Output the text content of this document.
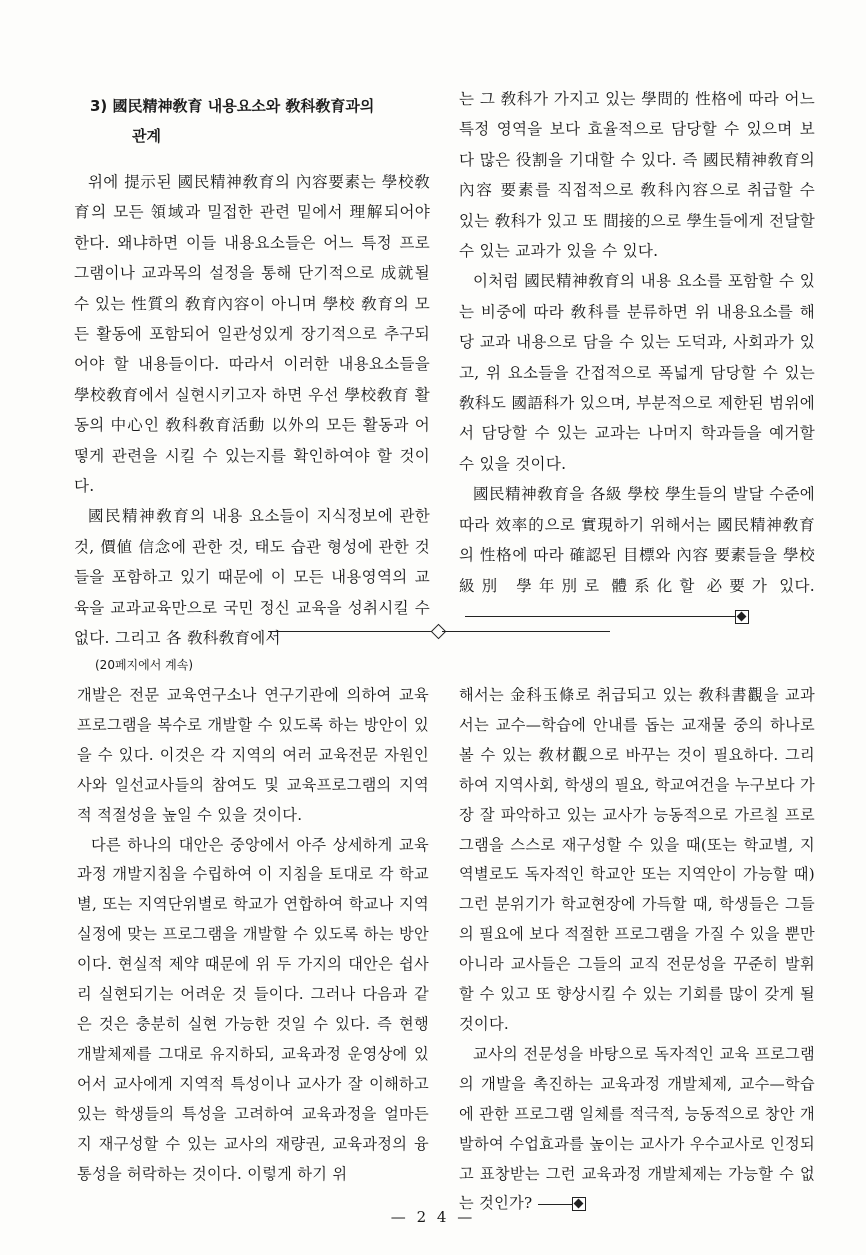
3) 國民精神敎育 내용요소와 敎科敎育과의
관계

위에 提示된 國民精神敎育의 內容要素는 學校敎育의 모든 領域과 밀접한 관련 밑에서 理解되어야 한다. 왜냐하면 이들 내용요소들은 어느 특정 프로그램이나 교과목의 설정을 통해 단기적으로 成就될 수 있는 性質의 敎育內容이 아니며 學校 敎育의 모든 활동에 포함되어 일관성있게 장기적으로 추구되어야 할 내용들이다. 따라서 이러한 내용요소들을 學校敎育에서 실현시키고자 하면 우선 學校敎育 활동의 中心인 敎科敎育活動 以外의 모든 활동과 어떻게 관련을 시킬 수 있는지를 확인하여야 할 것이다.

國民精神敎育의 내용 요소들이 지식정보에 관한 것, 價値 信念에 관한 것, 태도 습관 형성에 관한 것들을 포함하고 있기 때문에 이 모든 내용영역의 교육을 교과교육만으로 국민 정신 교육을 성취시킬 수 없다. 그리고 各 敎科敎育에서

는 그 敎科가 가지고 있는 學問的 性格에 따라 어느 특정 영역을 보다 효율적으로 담당할 수 있으며 보다 많은 役割을 기대할 수 있다. 즉 國民精神敎育의 內容 要素를 직접적으로 敎科內容으로 취급할 수 있는 敎科가 있고 또 間接的으로 學生들에게 전달할 수 있는 교과가 있을 수 있다.

이처럼 國民精神敎育의 내용 요소를 포함할 수 있는 비중에 따라 敎科를 분류하면 위 내용요소를 해당 교과 내용으로 담을 수 있는 도덕과, 사회과가 있고, 위 요소들을 간접적으로 폭넓게 담당할 수 있는 敎科도 國語科가 있으며, 부분적으로 제한된 범위에서 담당할 수 있는 교과는 나머지 학과들을 예거할 수 있을 것이다.

國民精神敎育을 各級 學校 學生들의 발달 수준에 따라 效率的으로 實現하기 위해서는 國民精神敎育의 性格에 따라 確認된 目標와 內容 要素들을 學校級別 學年別로 體系化할 必要가 있다.

(20페지에서 계속)

개발은 전문 교육연구소나 연구기관에 의하여 교육 프로그램을 복수로 개발할 수 있도록 하는 방안이 있을 수 있다. 이것은 각 지역의 여러 교육전문 자원인사와 일선교사들의 참여도 및 교육프로그램의 지역적 적절성을 높일 수 있을 것이다.

다른 하나의 대안은 중앙에서 아주 상세하게 교육과정 개발지침을 수립하여 이 지침을 토대로 각 학교별, 또는 지역단위별로 학교가 연합하여 학교나 지역 실정에 맞는 프로그램을 개발할 수 있도록 하는 방안이다. 현실적 제약 때문에 위 두 가지의 대안은 쉽사리 실현되기는 어려운 것 들이다. 그러나 다음과 같은 것은 충분히 실현 가능한 것일 수 있다. 즉 현행 개발체제를 그대로 유지하되, 교육과정 운영상에 있어서 교사에게 지역적 특성이나 교사가 잘 이해하고 있는 학생들의 특성을 고려하여 교육과정을 얼마든지 재구성할 수 있는 교사의 재량권, 교육과정의 융통성을 허락하는 것이다. 이렇게 하기 위

해서는 金科玉條로 취급되고 있는 敎科書觀을 교과서는 교수—학습에 안내를 돕는 교재물 중의 하나로 볼 수 있는 敎材觀으로 바꾸는 것이 필요하다. 그리하여 지역사회, 학생의 필요, 학교여건을 누구보다 가장 잘 파악하고 있는 교사가 능동적으로 가르칠 프로그램을 스스로 재구성할 수 있을 때(또는 학교별, 지역별로도 독자적인 학교안 또는 지역안이 가능할 때) 그런 분위기가 학교현장에 가득할 때, 학생들은 그들의 필요에 보다 적절한 프로그램을 가질 수 있을 뿐만 아니라 교사들은 그들의 교직 전문성을 꾸준히 발휘할 수 있고 또 향상시킬 수 있는 기회를 많이 갖게 될 것이다.

교사의 전문성을 바탕으로 독자적인 교육 프로그램의 개발을 촉진하는 교육과정 개발체제, 교수—학습에 관한 프로그램 일체를 적극적, 능동적으로 창안 개발하여 수업효과를 높이는 교사가 우수교사로 인정되고 표창받는 그런 교육과정 개발체제는 가능할 수 없는 것인가?

— 2 4 —
